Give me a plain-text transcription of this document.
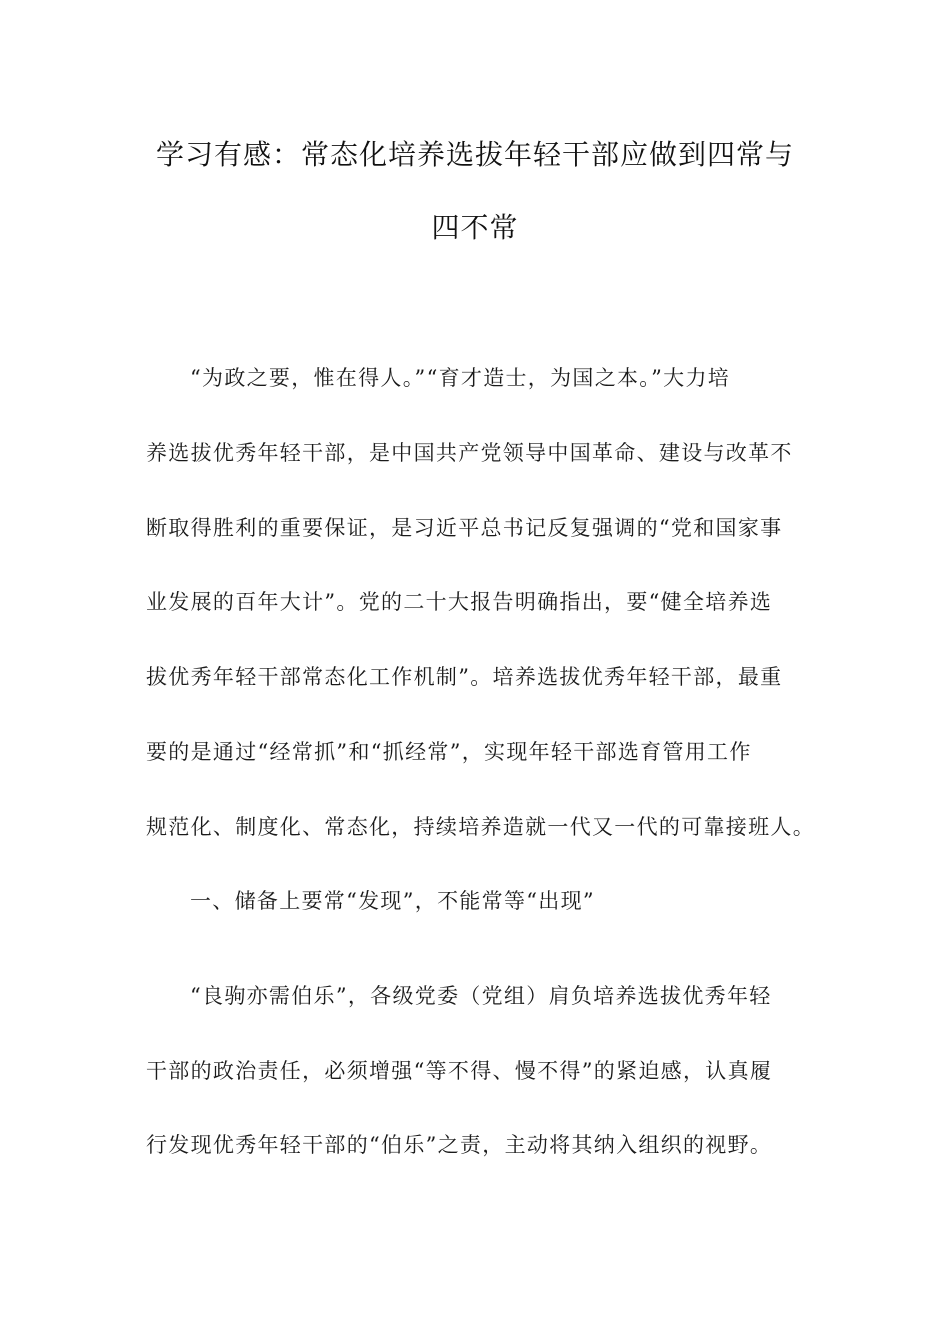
学习有感：常态化培养选拔年轻干部应做到四常与
四不常
“为政之要，惟在得人。”“育才造士，为国之本。”大力培
养选拔优秀年轻干部，是中国共产党领导中国革命、建设与改革不
断取得胜利的重要保证，是习近平总书记反复强调的“党和国家事
业发展的百年大计”。党的二十大报告明确指出，要“健全培养选
拔优秀年轻干部常态化工作机制”。培养选拔优秀年轻干部，最重
要的是通过“经常抓”和“抓经常”，实现年轻干部选育管用工作
规范化、制度化、常态化，持续培养造就一代又一代的可靠接班人。
一、储备上要常“发现”，不能常等“出现”
“良驹亦需伯乐”，各级党委（党组）肩负培养选拔优秀年轻
干部的政治责任，必须增强“等不得、慢不得”的紧迫感，认真履
行发现优秀年轻干部的“伯乐”之责，主动将其纳入组织的视野。
